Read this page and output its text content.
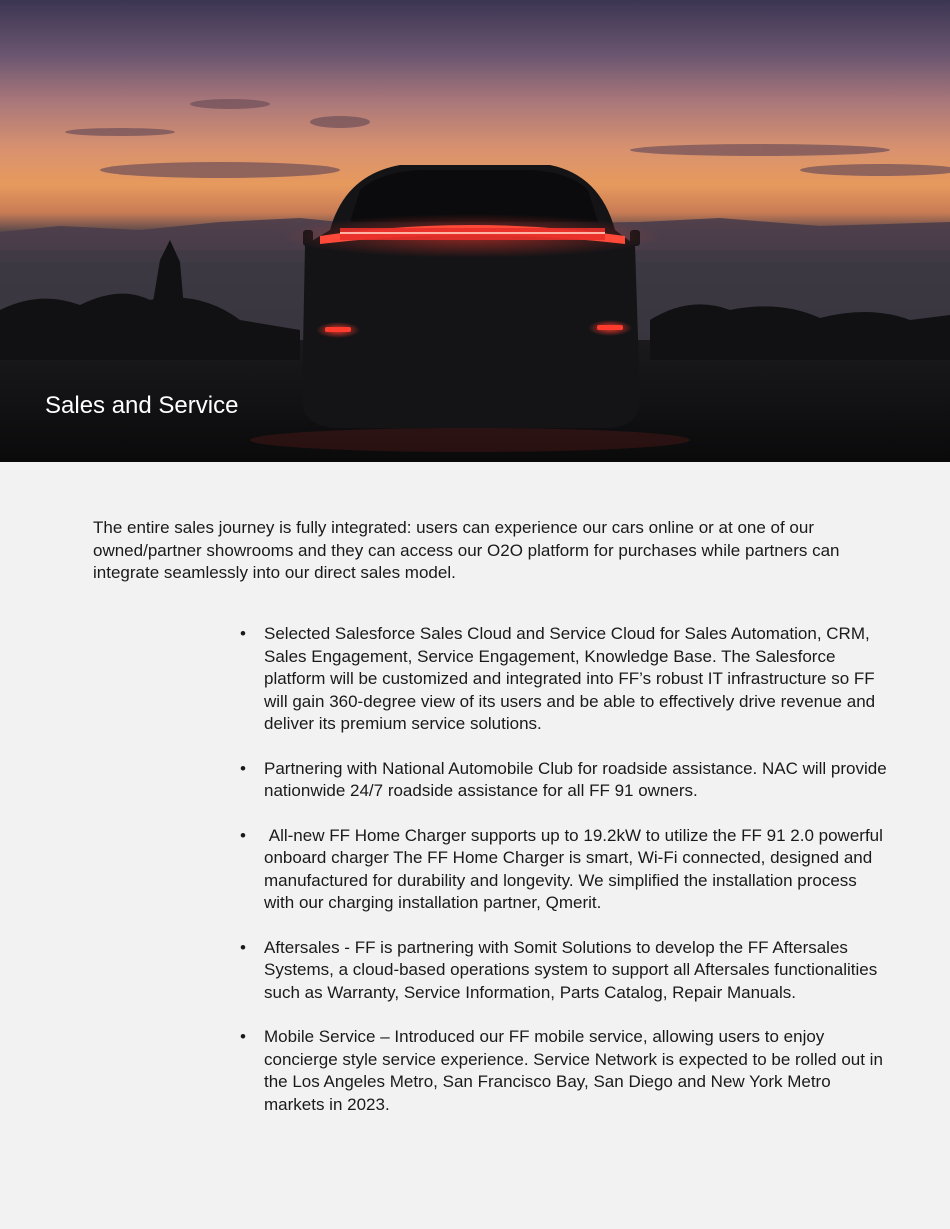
Sales and Service

The entire sales journey is fully integrated: users can experience our cars online or at one of our owned/partner showrooms and they can access our O2O platform for purchases while partners can integrate seamlessly into our direct sales model.

• Selected Salesforce Sales Cloud and Service Cloud for Sales Automation, CRM, Sales Engagement, Service Engagement, Knowledge Base. The Salesforce platform will be customized and integrated into FF’s robust IT infrastructure so FF will gain 360-degree view of its users and be able to effectively drive revenue and deliver its premium service solutions.
• Partnering with National Automobile Club for roadside assistance. NAC will provide nationwide 24/7 roadside assistance for all FF 91 owners.
• All-new FF Home Charger supports up to 19.2kW to utilize the FF 91 2.0 powerful onboard charger The FF Home Charger is smart, Wi-Fi connected, designed and manufactured for durability and longevity. We simplified the installation process with our charging installation partner, Qmerit.
• Aftersales - FF is partnering with Somit Solutions to develop the FF Aftersales Systems, a cloud-based operations system to support all Aftersales functionalities such as Warranty, Service Information, Parts Catalog, Repair Manuals.
• Mobile Service – Introduced our FF mobile service, allowing users to enjoy concierge style service experience. Service Network is expected to be rolled out in the Los Angeles Metro, San Francisco Bay, San Diego and New York Metro markets in 2023.
